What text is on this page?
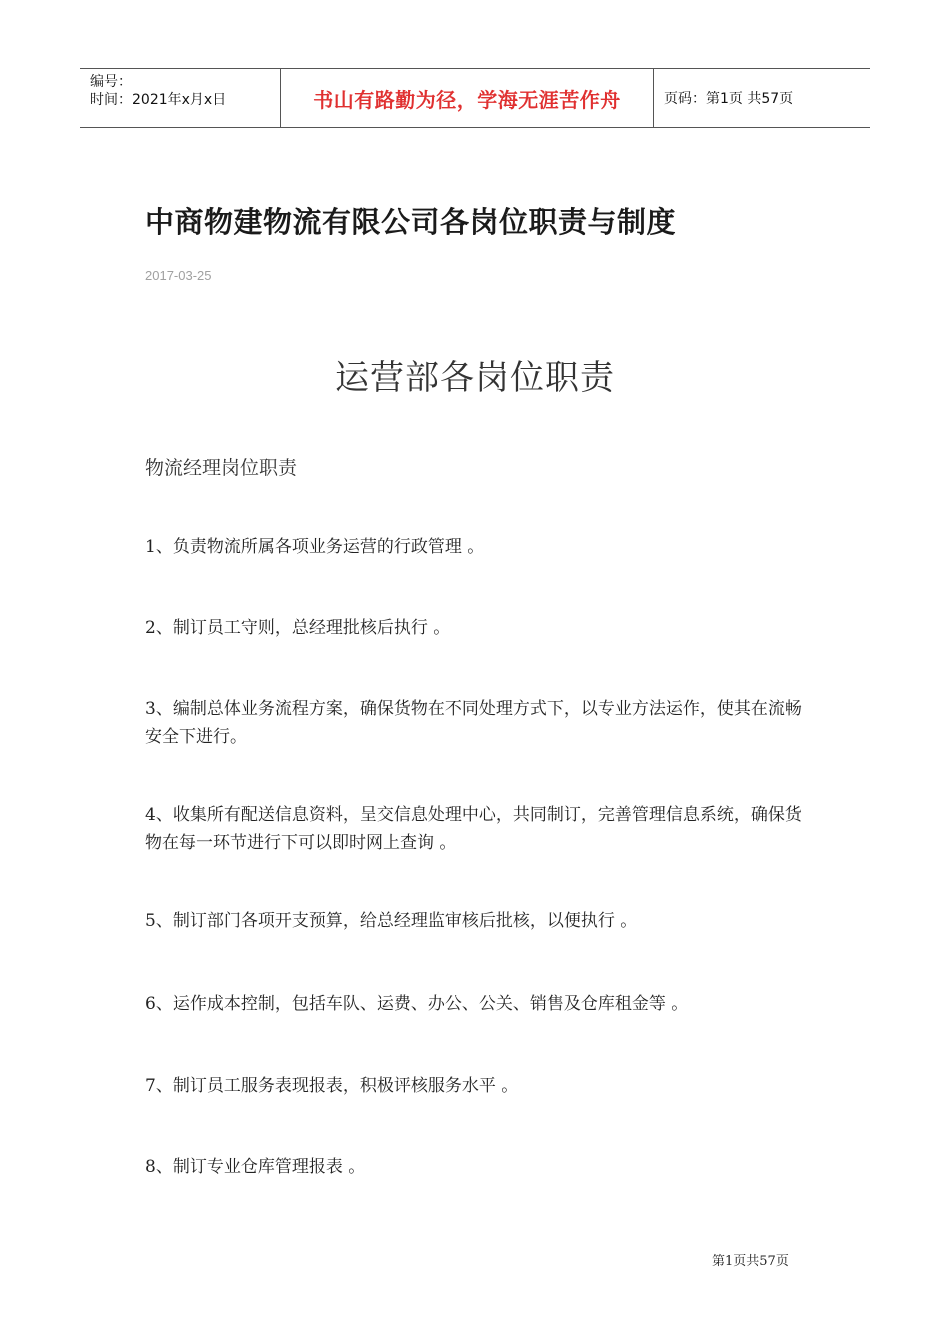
编号：
时间：2021年x月x日	书山有路勤为径，学海无涯苦作舟	页码：第1页 共57页
中商物建物流有限公司各岗位职责与制度
2017-03-25
运营部各岗位职责
物流经理岗位职责
1、负责物流所属各项业务运营的行政管理 。
2、制订员工守则，总经理批核后执行 。
3、编制总体业务流程方案，确保货物在不同处理方式下，以专业方法运作，使其在流畅安全下进行。
4、收集所有配送信息资料，呈交信息处理中心，共同制订，完善管理信息系统，确保货物在每一环节进行下可以即时网上查询 。
5、制订部门各项开支预算，给总经理监审核后批核，以便执行 。
6、运作成本控制，包括车队、运费、办公、公关、销售及仓库租金等 。
7、制订员工服务表现报表，积极评核服务水平 。
8、制订专业仓库管理报表 。
第1页共57页
